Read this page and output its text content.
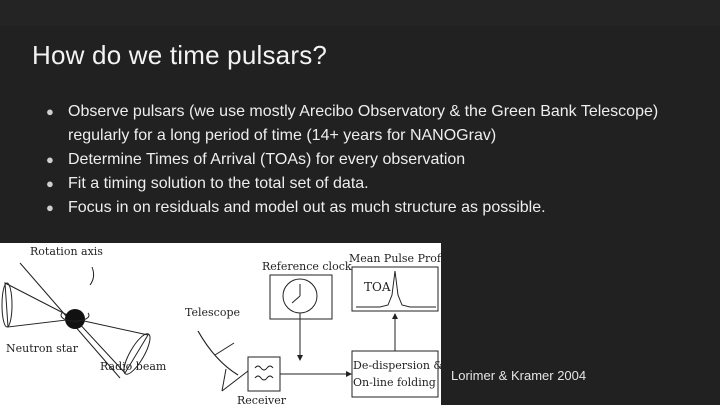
How do we time pulsars?
● Observe pulsars (we use mostly Arecibo Observatory & the Green Bank Telescope) regularly for a long period of time (14+ years for NANOGrav)
● Determine Times of Arrival (TOAs) for every observation
● Fit a timing solution to the total set of data.
● Focus in on residuals and model out as much structure as possible.
Rotation axis
Neutron star
Radio beam
Telescope
Receiver
Reference clock
Mean Pulse Profile
TOA
De-dispersion &
On-line folding Lorimer & Kramer 2004
